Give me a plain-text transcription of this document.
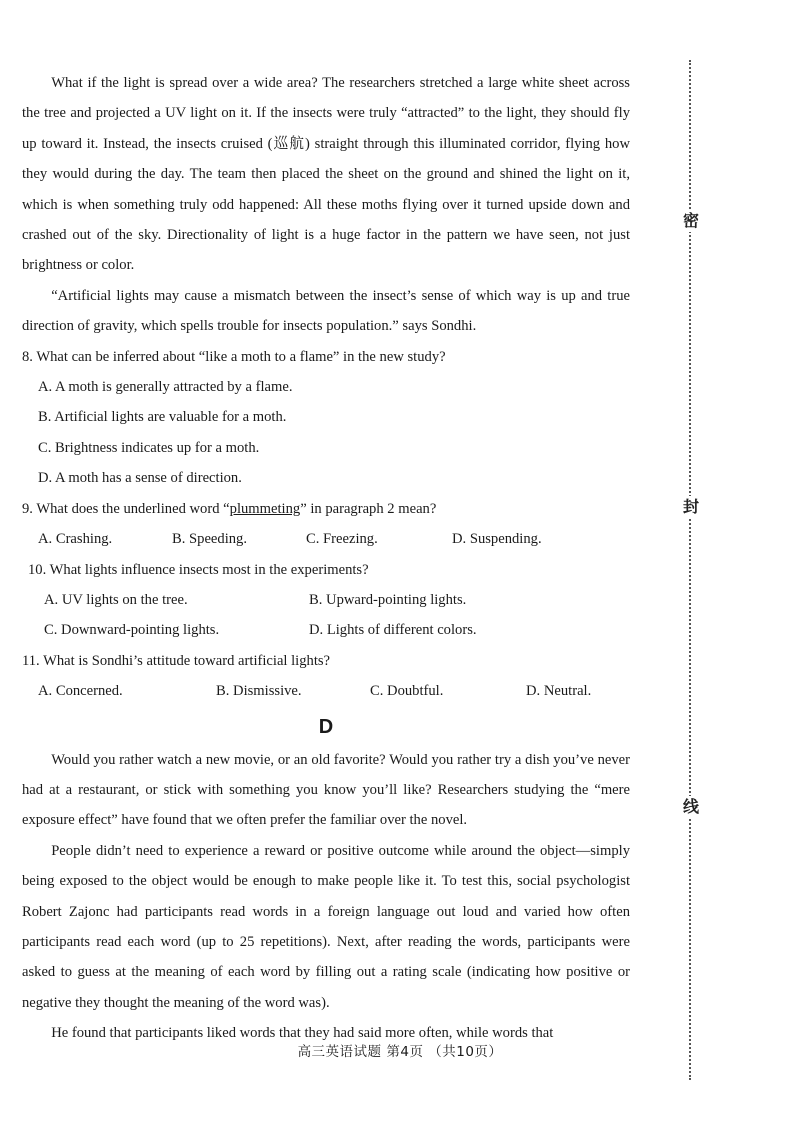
What if the light is spread over a wide area? The researchers stretched a large white sheet across the tree and projected a UV light on it. If the insects were truly “attracted” to the light, they should fly up toward it. Instead, the insects cruised (巡航) straight through this illuminated corridor, flying how they would during the day. The team then placed the sheet on the ground and shined the light on it, which is when something truly odd happened: All these moths flying over it turned upside down and crashed out of the sky. Directionality of light is a huge factor in the pattern we have seen, not just brightness or color.

“Artificial lights may cause a mismatch between the insect’s sense of which way is up and true direction of gravity, which spells trouble for insects population.” says Sondhi.

8. What can be inferred about “like a moth to a flame” in the new study?

A. A moth is generally attracted by a flame.

B. Artificial lights are valuable for a moth.

C. Brightness indicates up for a moth.

D. A moth has a sense of direction.

9. What does the underlined word “plummeting” in paragraph 2 mean?

A. Crashing.	B. Speeding.	C. Freezing.	D. Suspending.

10. What lights influence insects most in the experiments?

A. UV lights on the tree.	B. Upward-pointing lights.
C. Downward-pointing lights.	D. Lights of different colors.

11. What is Sondhi’s attitude toward artificial lights?

A. Concerned.	B. Dismissive.	C. Doubtful.	D. Neutral.

D

Would you rather watch a new movie, or an old favorite? Would you rather try a dish you’ve never had at a restaurant, or stick with something you know you’ll like? Researchers studying the “mere exposure effect” have found that we often prefer the familiar over the novel.

People didn’t need to experience a reward or positive outcome while around the object—simply being exposed to the object would be enough to make people like it. To test this, social psychologist Robert Zajonc had participants read words in a foreign language out loud and varied how often participants read each word (up to 25 repetitions). Next, after reading the words, participants were asked to guess at the meaning of each word by filling out a rating scale (indicating how positive or negative they thought the meaning of the word was).

He found that participants liked words that they had said more often, while words that

密
封
线
高三英语试题 第4页 （共10页）
